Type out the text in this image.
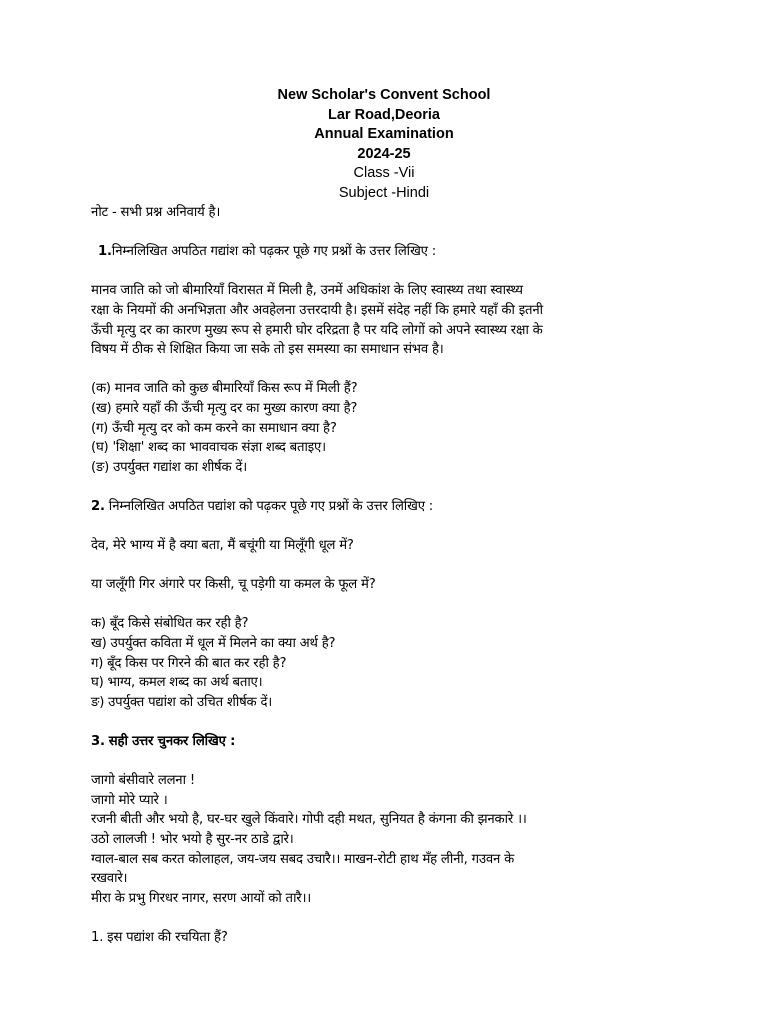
New Scholar's Convent School
Lar Road,Deoria
Annual Examination
2024-25
Class -Vii
Subject -Hindi

नोट - सभी प्रश्न अनिवार्य है।

1.निम्नलिखित अपठित गद्यांश को पढ़कर पूछे गए प्रश्नों के उत्तर लिखिए :

मानव जाति को जो बीमारियाँ विरासत में मिली है, उनमें अधिकांश के लिए स्वास्थ्य तथा स्वास्थ्य

रक्षा के नियमों की अनभिज्ञता और अवहेलना उत्तरदायी है। इसमें संदेह नहीं कि हमारे यहाँ की इतनी

ऊँची मृत्यु दर का कारण मुख्य रूप से हमारी घोर दरिद्रता है पर यदि लोगों को अपने स्वास्थ्य रक्षा के

विषय में ठीक से शिक्षित किया जा सके तो इस समस्या का समाधान संभव है।

(क) मानव जाति को कुछ बीमारियाँ किस रूप में मिली हैं?

(ख) हमारे यहाँ की ऊँची मृत्यु दर का मुख्य कारण क्या है?

(ग) ऊँची मृत्यु दर को कम करने का समाधान क्या है?

(घ) 'शिक्षा' शब्द का भाववाचक संज्ञा शब्द बताइए।

(ङ) उपर्युक्त गद्यांश का शीर्षक दें।

2. निम्नलिखित अपठित पद्यांश को पढ़कर पूछे गए प्रश्नों के उत्तर लिखिए :

देव, मेरे भाग्य में है क्या बता, मैं बचूंगी या मिलूँगी धूल में?

या जलूँगी गिर अंगारे पर किसी, चू पड़ेगी या कमल के फूल में?

क) बूँद किसे संबोधित कर रही है?

ख) उपर्युक्त कविता में धूल में मिलने का क्या अर्थ है?

ग) बूँद किस पर गिरने की बात कर रही है?

घ) भाग्य, कमल शब्द का अर्थ बताए।

ङ) उपर्युक्त पद्यांश को उचित शीर्षक दें।

3. सही उत्तर चुनकर लिखिए :

जागो बंसीवारे ललना !

जागो मोरे प्यारे ।

रजनी बीती और भयो है, घर-घर खुले किंवारे। गोपी दही मथत, सुनियत है कंगना की झनकारे ।।

उठो लालजी ! भोर भयो है सुर-नर ठाडे द्वारे।

ग्वाल-बाल सब करत कोलाहल, जय-जय सबद उचारै।। माखन-रोटी हाथ मँह लीनी, गउवन के

रखवारे।

मीरा के प्रभु गिरधर नागर, सरण आयों को तारै।।

1. इस पद्यांश की रचयिता हैं?
